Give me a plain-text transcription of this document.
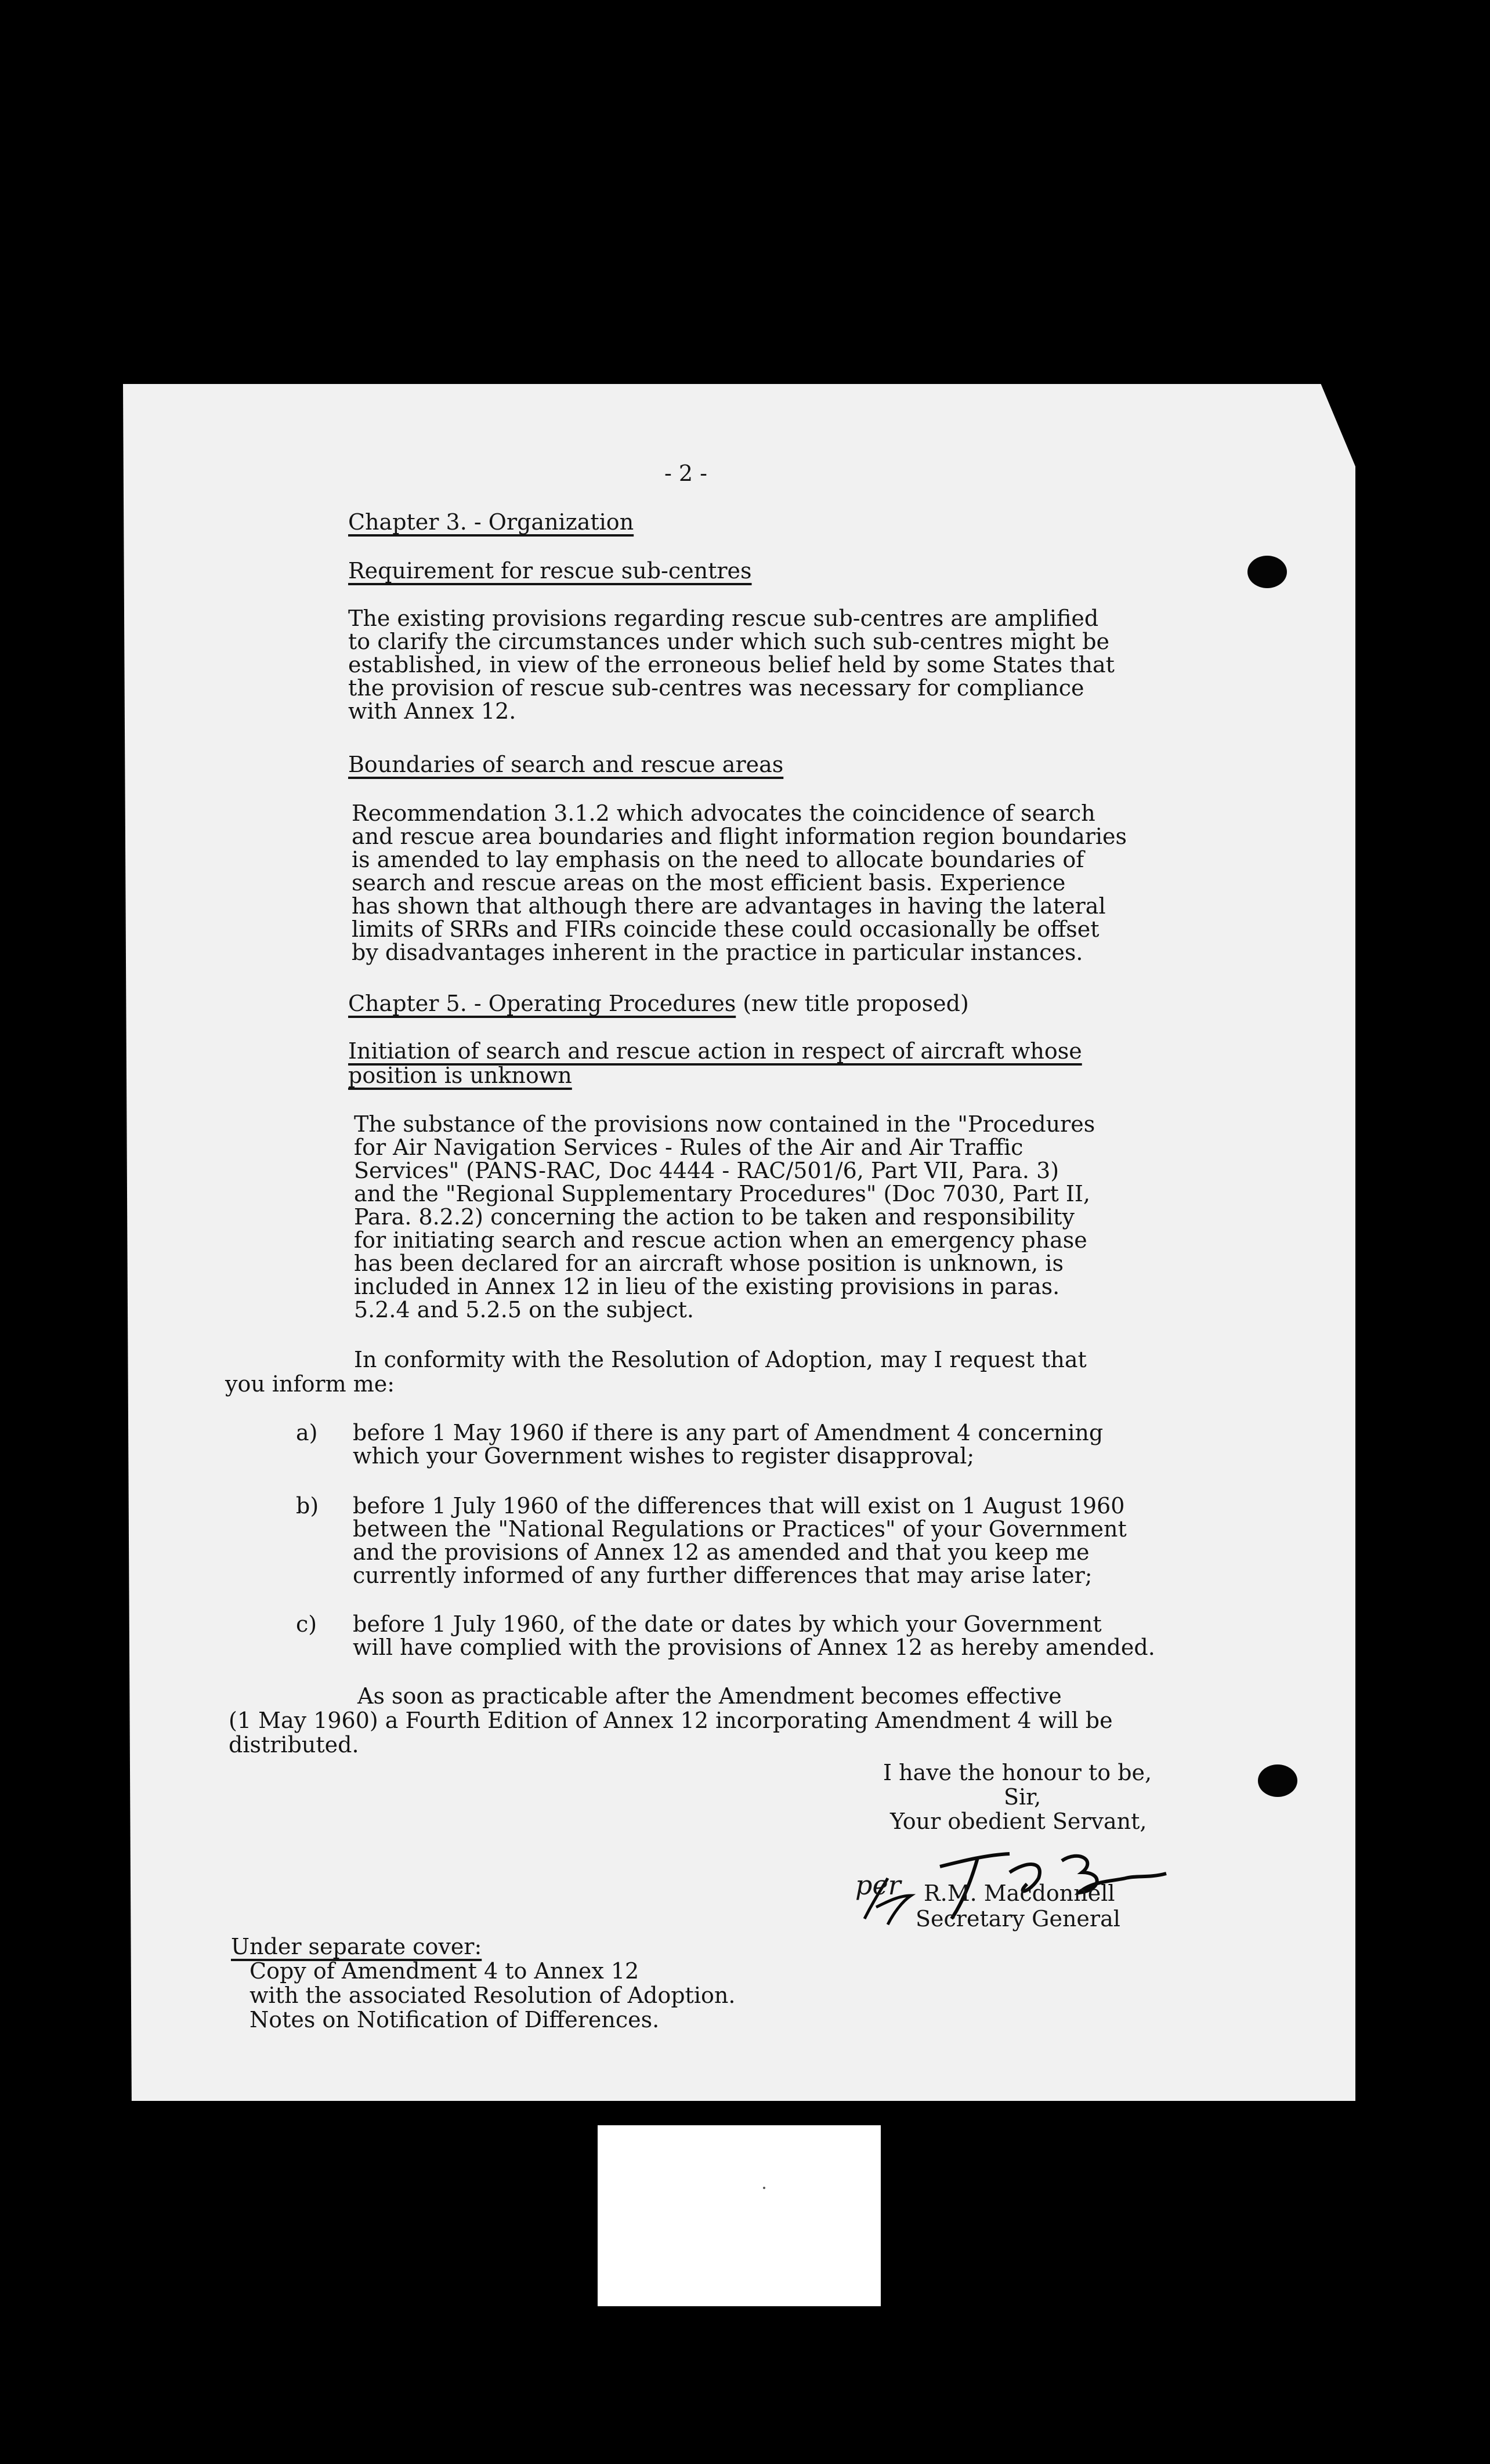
- 2 -

Chapter 3. - Organization

Requirement for rescue sub-centres

The existing provisions regarding rescue sub-centres are amplified
to clarify the circumstances under which such sub-centres might be
established, in view of the erroneous belief held by some States that
the provision of rescue sub-centres was necessary for compliance
with Annex 12.

Boundaries of search and rescue areas

Recommendation 3.1.2 which advocates the coincidence of search
and rescue area boundaries and flight information region boundaries
is amended to lay emphasis on the need to allocate boundaries of
search and rescue areas on the most efficient basis. Experience
has shown that although there are advantages in having the lateral
limits of SRRs and FIRs coincide these could occasionally be offset
by disadvantages inherent in the practice in particular instances.

Chapter 5. - Operating Procedures (new title proposed)

Initiation of search and rescue action in respect of aircraft whose

position is unknown

The substance of the provisions now contained in the "Procedures
for Air Navigation Services - Rules of the Air and Air Traffic
Services" (PANS-RAC, Doc 4444 - RAC/501/6, Part VII, Para. 3)
and the "Regional Supplementary Procedures" (Doc 7030, Part II,
Para. 8.2.2) concerning the action to be taken and responsibility
for initiating search and rescue action when an emergency phase
has been declared for an aircraft whose position is unknown, is
included in Annex 12 in lieu of the existing provisions in paras.
5.2.4 and 5.2.5 on the subject.

In conformity with the Resolution of Adoption, may I request that

you inform me:

a) before 1 May 1960 if there is any part of Amendment 4 concerning
which your Government wishes to register disapproval;

b) before 1 July 1960 of the differences that will exist on 1 August 1960
between the "National Regulations or Practices" of your Government
and the provisions of Annex 12 as amended and that you keep me
currently informed of any further differences that may arise later;

c) before 1 July 1960, of the date or dates by which your Government
will have complied with the provisions of Annex 12 as hereby amended.

As soon as practicable after the Amendment becomes effective

(1 May 1960) a Fourth Edition of Annex 12 incorporating Amendment 4 will be

distributed.

I have the honour to be,

Sir,

Your obedient Servant,

per R.M. Macdonnell

Secretary General

Under separate cover:

Copy of Amendment 4 to Annex 12

with the associated Resolution of Adoption.

Notes on Notification of Differences.
